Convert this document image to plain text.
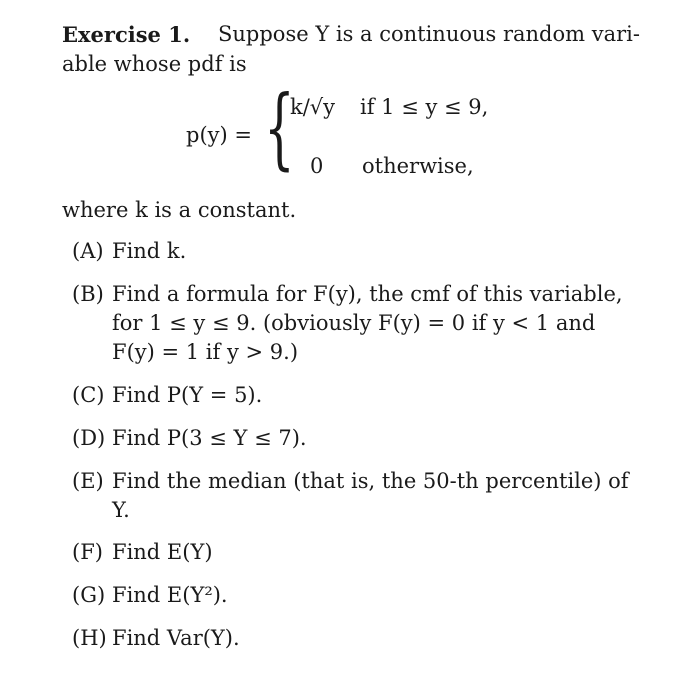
Exercise 1. Suppose Y is a continuous random vari-
able whose pdf is
p(y) = {
k/√y if 1 ≤ y ≤ 9,
0 otherwise,
where k is a constant.
(A) Find k.
(B) Find a formula for F(y), the cmf of this variable,
for 1 ≤ y ≤ 9. (obviously F(y) = 0 if y < 1 and
F(y) = 1 if y > 9.)
(C) Find P(Y = 5).
(D) Find P(3 ≤ Y ≤ 7).
(E) Find the median (that is, the 50-th percentile) of
Y.
(F) Find E(Y)
(G) Find E(Y²).
(H) Find Var(Y).
